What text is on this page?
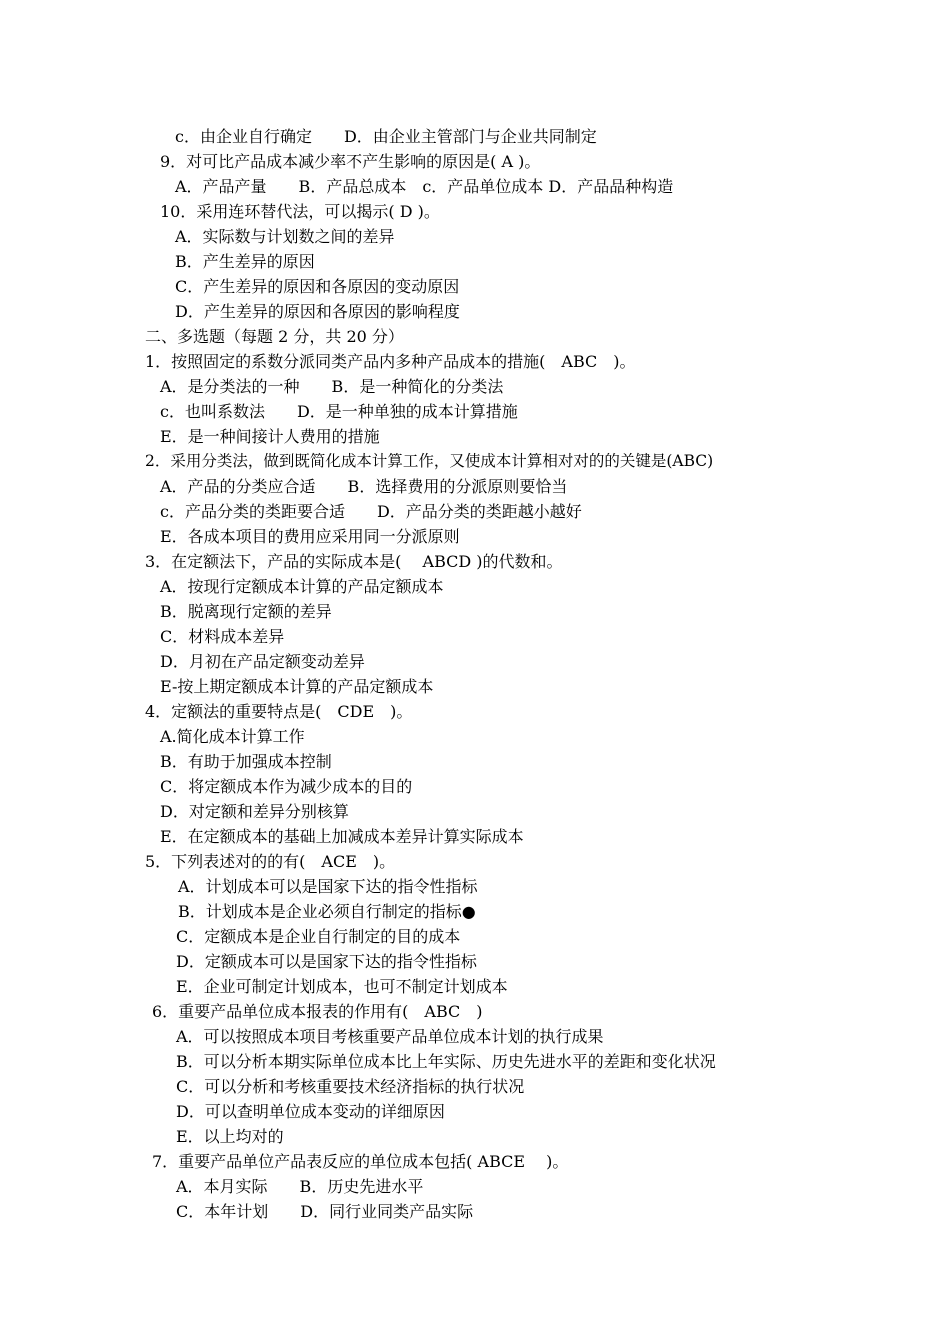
c．由企业自行确定　　D．由企业主管部门与企业共同制定
9．对可比产品成本减少率不产生影响的原因是( A )。
A．产品产量　　B．产品总成本　c．产品单位成本 D．产品品种构造
10．采用连环替代法，可以揭示( D )。
A．实际数与计划数之间的差异
B．产生差异的原因
C．产生差异的原因和各原因的变动原因
D．产生差异的原因和各原因的影响程度
二、多选题（每题 2 分，共 20 分）
1．按照固定的系数分派同类产品内多种产品成本的措施(　ABC　)。
A．是分类法的一种　　B．是一种简化的分类法
c．也叫系数法　　D．是一种单独的成本计算措施
E．是一种间接计人费用的措施
2．采用分类法，做到既简化成本计算工作，又使成本计算相对对的的关键是(ABC)
A．产品的分类应合适　　B．选择费用的分派原则要恰当
c．产品分类的类距要合适　　D．产品分类的类距越小越好
E．各成本项目的费用应采用同一分派原则
3．在定额法下，产品的实际成本是(　 ABCD )的代数和。
A．按现行定额成本计算的产品定额成本
B．脱离现行定额的差异
C．材料成本差异
D．月初在产品定额变动差异
E-按上期定额成本计算的产品定额成本
4．定额法的重要特点是(　CDE　)。
A.简化成本计算工作
B．有助于加强成本控制
C．将定额成本作为减少成本的目的
D．对定额和差异分别核算
E．在定额成本的基础上加减成本差异计算实际成本
5．下列表述对的的有(　ACE　)。
A．计划成本可以是国家下达的指令性指标
B．计划成本是企业必须自行制定的指标●
C．定额成本是企业自行制定的目的成本
D．定额成本可以是国家下达的指令性指标
E．企业可制定计划成本，也可不制定计划成本
6．重要产品单位成本报表的作用有(　ABC　)
A．可以按照成本项目考核重要产品单位成本计划的执行成果
B．可以分析本期实际单位成本比上年实际、历史先进水平的差距和变化状况
C．可以分析和考核重要技术经济指标的执行状况
D．可以查明单位成本变动的详细原因
E．以上均对的
7．重要产品单位产品表反应的单位成本包括( ABCE　 )。
A．本月实际　　B．历史先进水平
C．本年计划　　D．同行业同类产品实际
